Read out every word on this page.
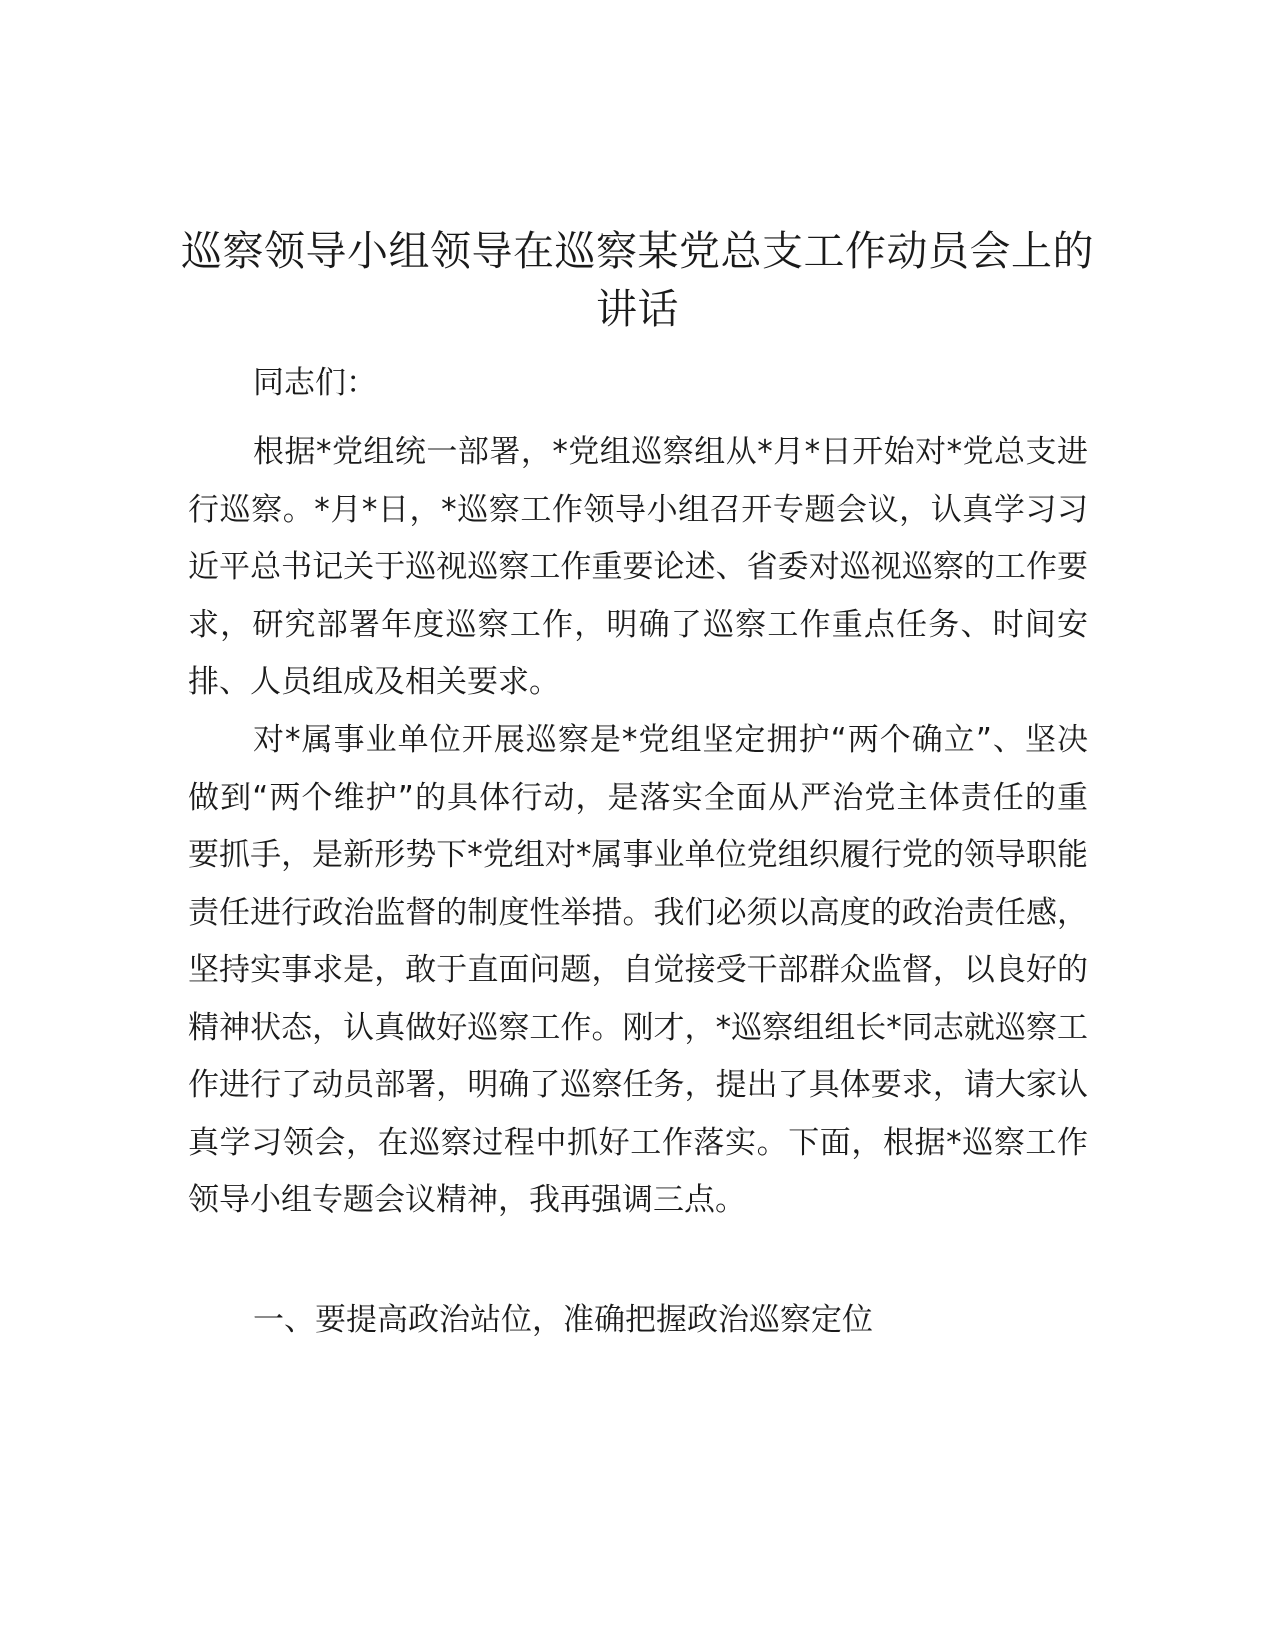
巡察领导小组领导在巡察某党总支工作动员会上的讲话

同志们：

根据*党组统一部署，*党组巡察组从*月*日开始对*党总支进行巡察。*月*日，*巡察工作领导小组召开专题会议，认真学习习近平总书记关于巡视巡察工作重要论述、省委对巡视巡察的工作要求，研究部署年度巡察工作，明确了巡察工作重点任务、时间安排、人员组成及相关要求。

对*属事业单位开展巡察是*党组坚定拥护“两个确立”、坚决做到“两个维护”的具体行动，是落实全面从严治党主体责任的重要抓手，是新形势下*党组对*属事业单位党组织履行党的领导职能责任进行政治监督的制度性举措。我们必须以高度的政治责任感，坚持实事求是，敢于直面问题，自觉接受干部群众监督，以良好的精神状态，认真做好巡察工作。刚才，*巡察组组长*同志就巡察工作进行了动员部署，明确了巡察任务，提出了具体要求，请大家认真学习领会，在巡察过程中抓好工作落实。下面，根据*巡察工作领导小组专题会议精神，我再强调三点。

一、要提高政治站位，准确把握政治巡察定位
